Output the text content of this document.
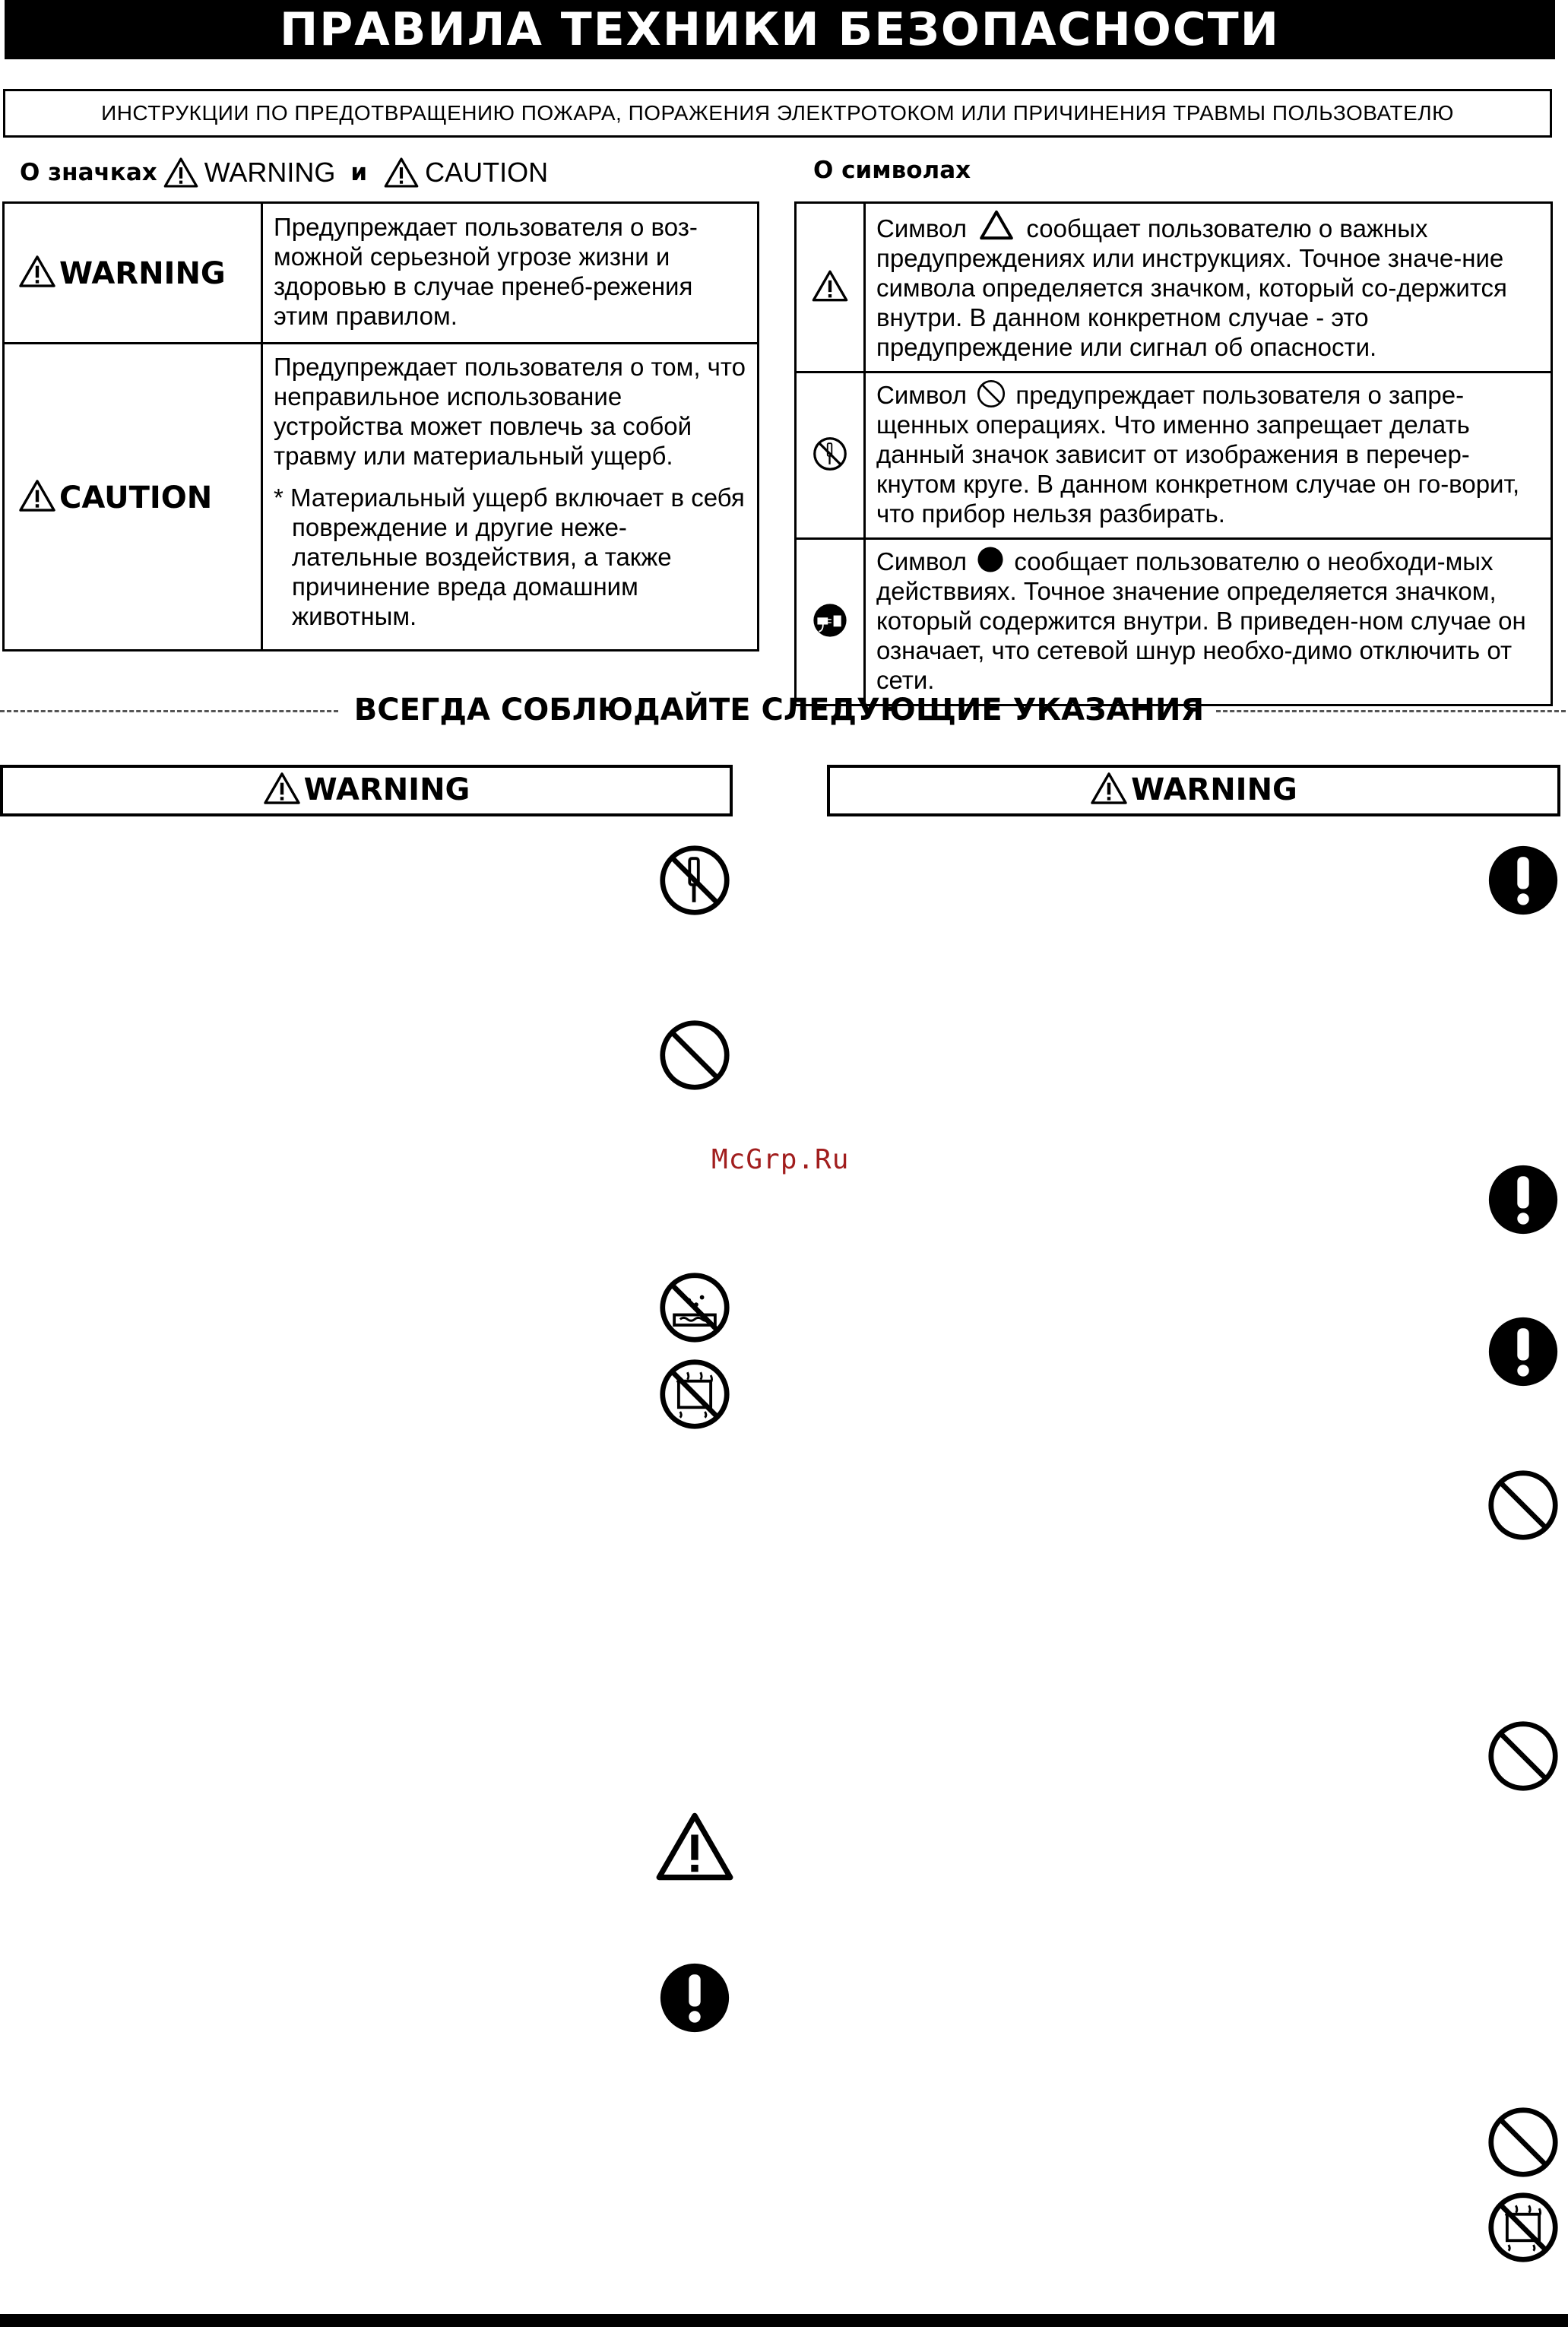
ПРАВИЛА ТЕХНИКИ БЕЗОПАСНОСТИ
ИНСТРУКЦИИ ПО ПРЕДОТВРАЩЕНИЮ ПОЖАРА, ПОРАЖЕНИЯ ЭЛЕКТРОТОКОМ ИЛИ ПРИЧИНЕНИЯ ТРАВМЫ ПОЛЬЗОВАТЕЛЮ
О значках WARNING и CAUTION	О символах
WARNING	Предупреждает пользователя о воз-можной серьезной угрозе жизни и здоровью в случае пренеб-режения этим правилом.
CAUTION	Предупреждает пользователя о том, что неправильное использование устройства может повлечь за собой травму или материальный ущерб.
* Материальный ущерб включает в себя повреждение и другие неже-лательные воздействия, а также причинение вреда домашним животным.
	Символ сообщает пользователю о важных предупреждениях или инструкциях. Точное значе-ние символа определяется значком, который со-держится внутри. В данном конкретном случае - это предупреждение или сигнал об опасности.
	Символ предупреждает пользователя о запре-щенных операциях. Что именно запрещает делать данный значок зависит от изображения в перечер-кнутом круге. В данном конкретном случае он го-ворит, что прибор нельзя разбирать.
	Символ сообщает пользователю о необходи-мых действвиях. Точное значение определяется значком, который содержится внутри. В приведен-ном случае он означает, что сетевой шнур необхо-димо отключить от сети.
ВСЕГДА СОБЛЮДАЙТЕ СЛЕДУЮЩИЕ УКАЗАНИЯ
WARNING	WARNING
McGrp.Ru
